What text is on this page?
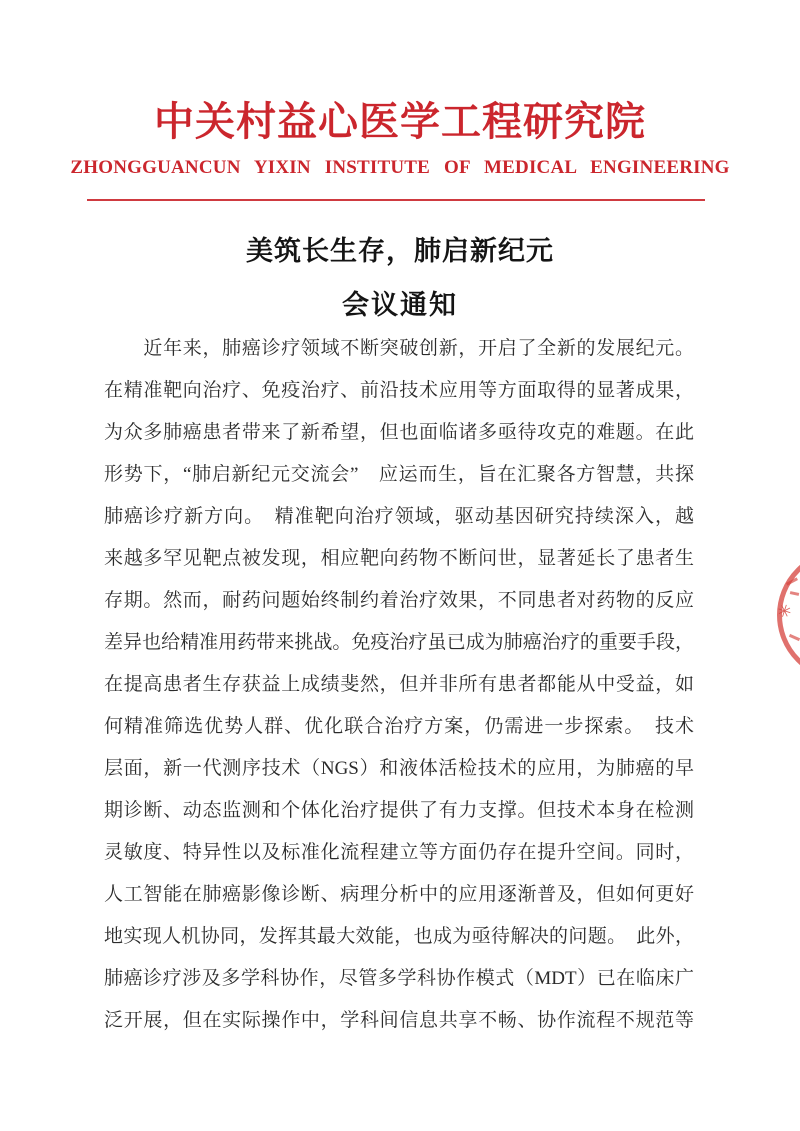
中关村益心医学工程研究院
ZHONGGUANCUN YIXIN INSTITUTE OF MEDICAL ENGINEERING
美筑长生存，肺启新纪元
会议通知
　　近年来，肺癌诊疗领域不断突破创新，开启了全新的发展纪元。
在精准靶向治疗、免疫治疗、前沿技术应用等方面取得的显著成果，
为众多肺癌患者带来了新希望，但也面临诸多亟待攻克的难题。在此
形势下，“肺启新纪元交流会”　应运而生，旨在汇聚各方智慧，共探
肺癌诊疗新方向。　精准靶向治疗领域，驱动基因研究持续深入，越
来越多罕见靶点被发现，相应靶向药物不断问世，显著延长了患者生
存期。然而，耐药问题始终制约着治疗效果，不同患者对药物的反应
差异也给精准用药带来挑战。免疫治疗虽已成为肺癌治疗的重要手段，
在提高患者生存获益上成绩斐然，但并非所有患者都能从中受益，如
何精准筛选优势人群、优化联合治疗方案，仍需进一步探索。　技术
层面，新一代测序技术（NGS）和液体活检技术的应用，为肺癌的早
期诊断、动态监测和个体化治疗提供了有力支撑。但技术本身在检测
灵敏度、特异性以及标准化流程建立等方面仍存在提升空间。同时，
人工智能在肺癌影像诊断、病理分析中的应用逐渐普及，但如何更好
地实现人机协同，发挥其最大效能，也成为亟待解决的问题。　此外，
肺癌诊疗涉及多学科协作，尽管多学科协作模式（MDT）已在临床广
泛开展，但在实际操作中，学科间信息共享不畅、协作流程不规范等
✳
